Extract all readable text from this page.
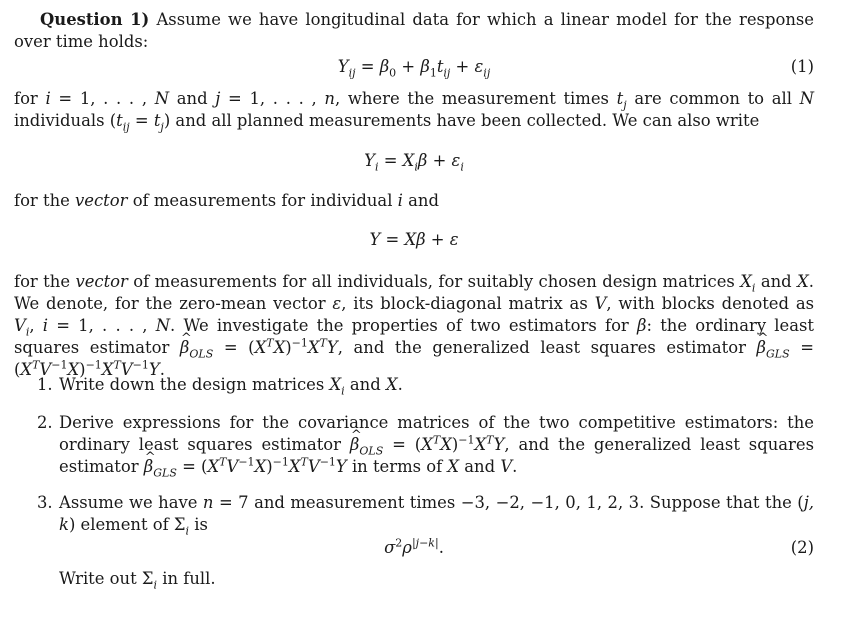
Question 1) Assume we have longitudinal data for which a linear model for the response over time holds:
$Y_{ij} = \beta_0 + \beta_1t_{ij} + \varepsilon_{ij}$	(1)
for i = 1, . . . , N and j = 1, . . . , n, where the measurement times $t_j$ are common to all N individuals $(t_{ij} = t_j)$ and all planned measurements have been collected. We can also write
$Y_i = X_i\beta + \varepsilon_i$
for the vector of measurements for individual i and
Y = Xβ + ε
for the vector of measurements for all individuals, for suitably chosen design matrices $X_i$ and X. We denote, for the zero-mean vector ε, its block-diagonal matrix as V, with blocks denoted as $V_i$, i = 1, . . . , N. We investigate the properties of two estimators for β: the ordinary least squares estimator ^ $\beta_{OLS} = (X^TX)^{-1}X^TY$, and the generalized least squares estimator ^ $\beta_{GLS} = (X^TV^{-1}X)^{-1}X^TV^{-1}Y$.
1. Write down the design matrices $X_i$ and X.
2. Derive expressions for the covariance matrices of the two competitive estimators: the ordinary least squares estimator ^ $\beta_{OLS} = (X^TX)^{-1}X^TY$, and the generalized least squares estimator ^ $\beta_{GLS} = (X^TV^{-1}X)^{-1}X^TV^{-1}Y$ in terms of X and V.
3. Assume we have n = 7 and measurement times −3, −2, −1, 0, 1, 2, 3. Suppose that the (j, k) element of $\Sigma_i$ is
$\sigma^2\rho^{|j-k|}$.	(2)
Write out $\Sigma_i$ in full.
